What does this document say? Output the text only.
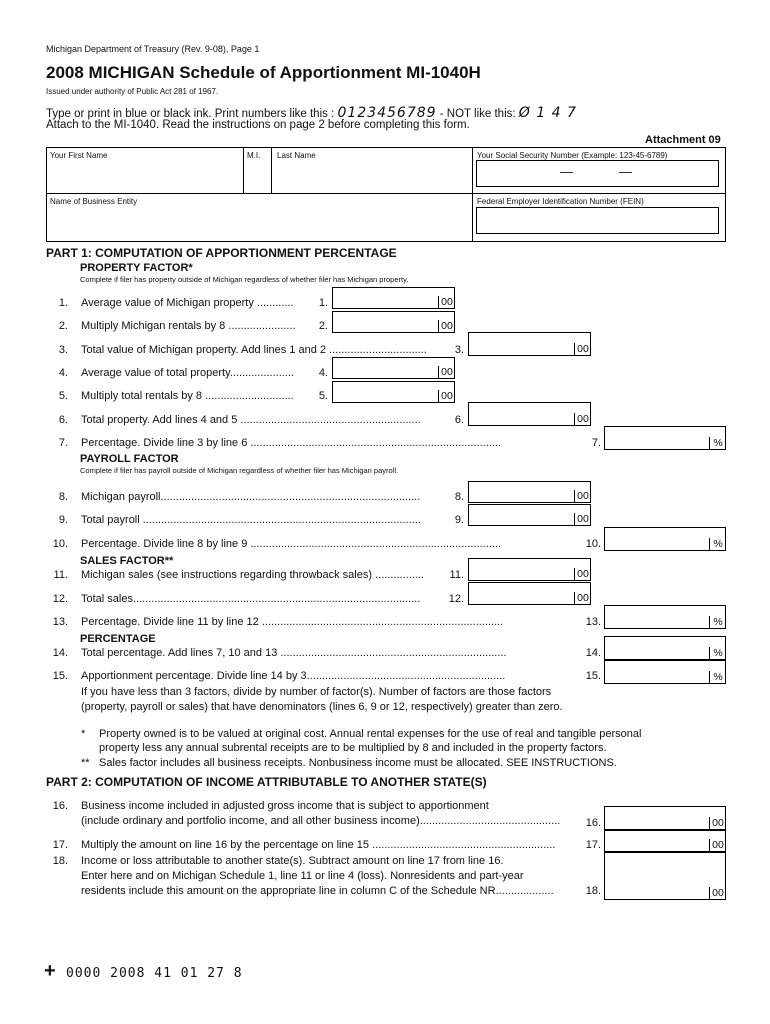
Michigan Department of Treasury (Rev. 9-08), Page 1
2008 MICHIGAN Schedule of Apportionment MI-1040H
Issued under authority of Public Act 281 of 1967.
Type or print in blue or black ink. Print numbers like this : 0123456789 - NOT like this: Ø 1 4 7
Attach to the MI-1040. Read the instructions on page 2 before completing this form.
Attachment 09
Your First Name	M.I. Last Name	Your Social Security Number (Example: 123-45-6789)
—	—
Name of Business Entity	Federal Employer Identification Number (FEIN)
PART 1: COMPUTATION OF APPORTIONMENT PERCENTAGE
PROPERTY FACTOR*
Complete if filer has property outside of Michigan regardless of whether filer has Michigan property.
1. Average value of Michigan property ............	1.	00
2. Multiply Michigan rentals by 8 ......................	2.	00
3. Total value of Michigan property. Add lines 1 and 2 ................................	3.	00
4. Average value of total property.....................	4.	00
5. Multiply total rentals by 8 .............................	5.	00
6. Total property. Add lines 4 and 5 ...........................................................	6.	00
7. Percentage. Divide line 3 by line 6 ..................................................................................	7.	%
PAYROLL FACTOR
Complete if filer has payroll outside of Michigan regardless of whether filer has Michigan payroll.
8. Michigan payroll.....................................................................................	8.	00
9. Total payroll ...........................................................................................	9.	00
10. Percentage. Divide line 8 by line 9 ..................................................................................	10.	%
SALES FACTOR**
11. Michigan sales (see instructions regarding throwback sales) ................	11.	00
12. Total sales..............................................................................................	12.	00
13. Percentage. Divide line 11 by line 12 ...............................................................................	13.	%
PERCENTAGE
14. Total percentage. Add lines 7, 10 and 13 ..........................................................................	14.	%
15. Apportionment percentage. Divide line 14 by 3.................................................................	15.	%
If you have less than 3 factors, divide by number of factor(s). Number of factors are those factors
(property, payroll or sales) that have denominators (lines 6, 9 or 12, respectively) greater than zero.
* Property owned is to be valued at original cost. Annual rental expenses for the use of real and tangible personal
property less any annual subrental receipts are to be multiplied by 8 and included in the property factors.
** Sales factor includes all business receipts. Nonbusiness income must be allocated. SEE INSTRUCTIONS.
PART 2: COMPUTATION OF INCOME ATTRIBUTABLE TO ANOTHER STATE(S)
16. Business income included in adjusted gross income that is subject to apportionment
(include ordinary and portfolio income, and all other business income)..............................................	16.	00
17. Multiply the amount on line 16 by the percentage on line 15 ............................................................	17.	00
18. Income or loss attributable to another state(s). Subtract amount on line 17 from line 16.
Enter here and on Michigan Schedule 1, line 11 or line 4 (loss). Nonresidents and part-year
residents include this amount on the appropriate line in column C of the Schedule NR...................	18.	00
+ 0000 2008 41 01 27 8
